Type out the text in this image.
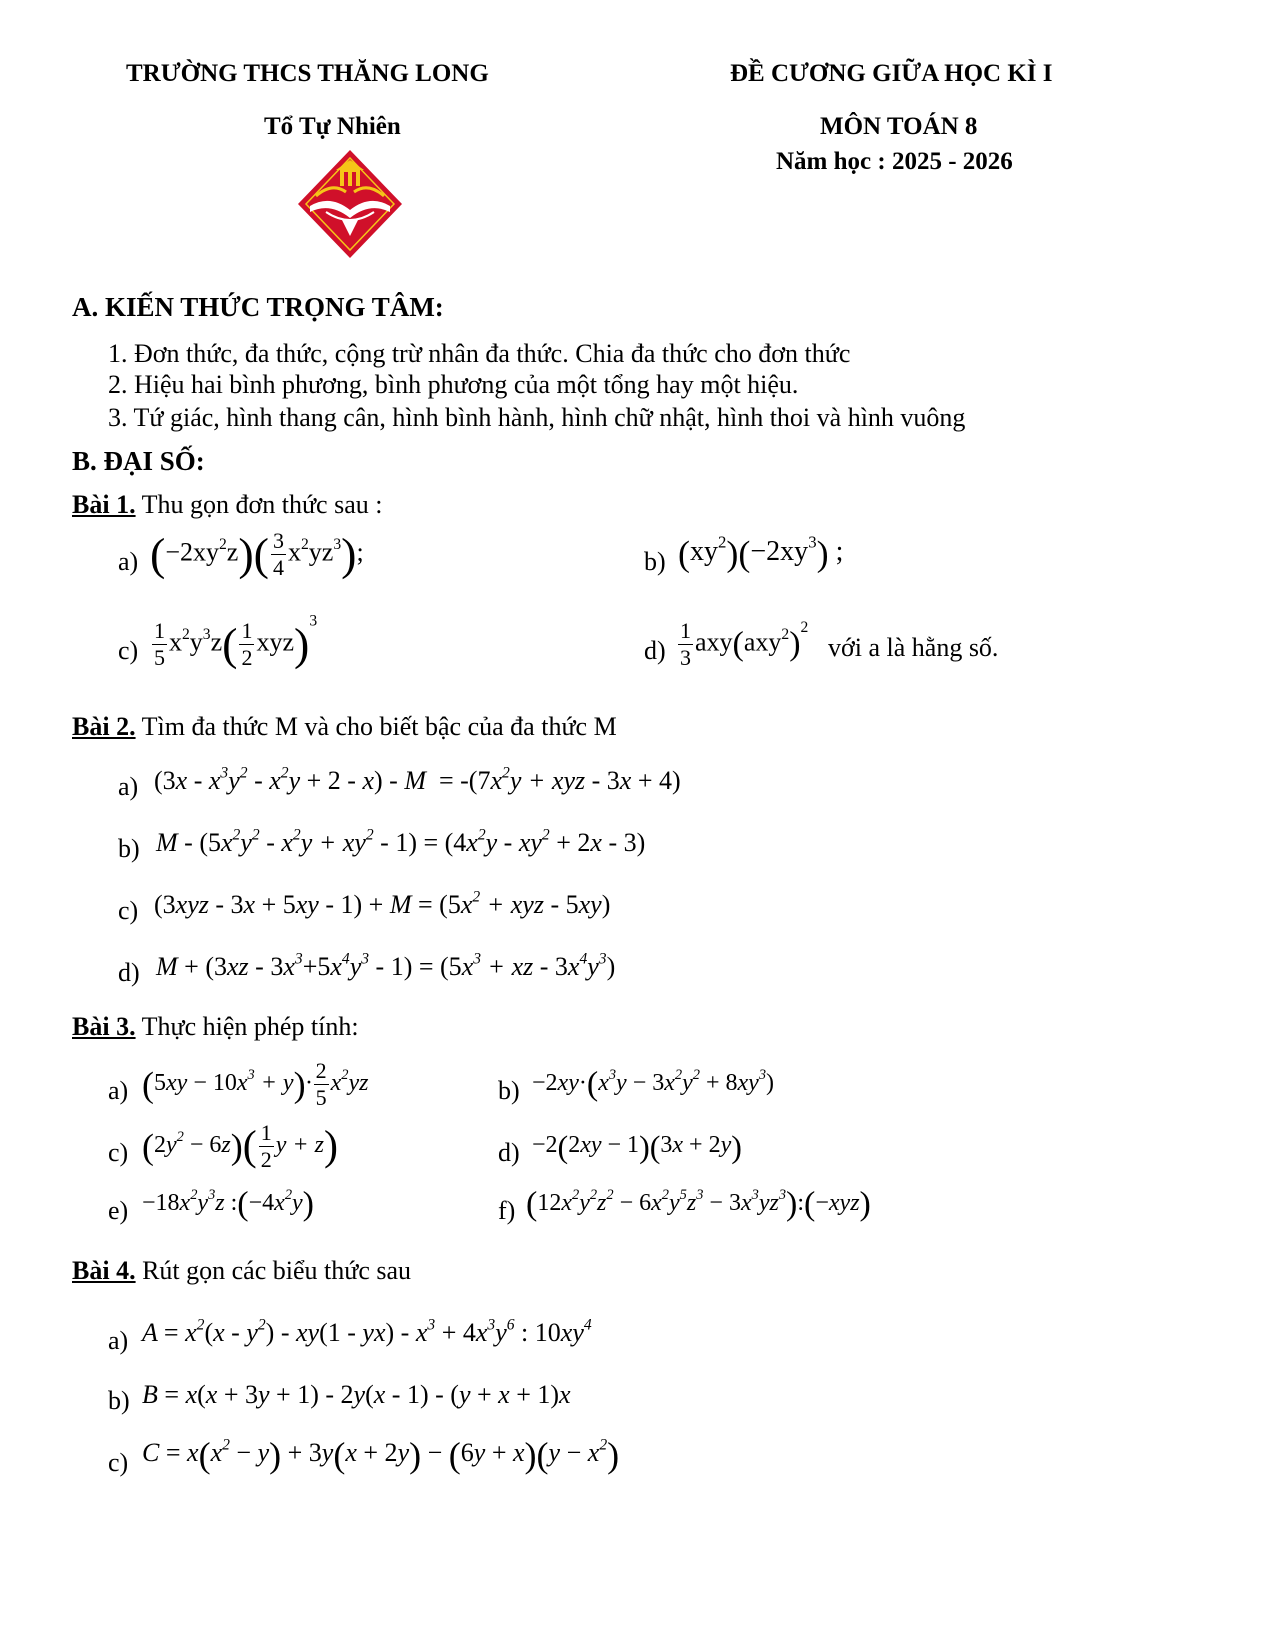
TRƯỜNG THCS THĂNG LONG
Tổ Tự Nhiên
ĐỀ CƯƠNG GIỮA HỌC KÌ I
MÔN TOÁN 8
Năm học : 2025 - 2026
A. KIẾN THỨC TRỌNG TÂM:
1. Đơn thức, đa thức, cộng trừ nhân đa thức. Chia đa thức cho đơn thức
2. Hiệu hai bình phương, bình phương của một tổng hay một hiệu.
3. Tứ giác, hình thang cân, hình bình hành, hình chữ nhật, hình thoi và hình vuông
B. ĐẠI SỐ:
Bài 1. Thu gọn đơn thức sau :
a) $(-2xy^2z)( \frac{3}{4} x^2yz^3)$;	b) $(xy^2)(-2xy^3)$ ;
$c) \frac{1}{5} x^2y^3z( \frac{1}{2} xyz)^3$
$d) \frac{1}{3} axy(axy^2)^2$
với a là hằng số.
Bài 2. Tìm đa thức M và cho biết bậc của đa thức M
a) $(3x - x^3y^2 - x^2y + 2 - x) - M = -(7x^2y$ + xyz - 3x + 4)
b) $M - (5x^2y^2 - x^2y + xy^2 - 1) = (4x^2y - xy^2 + 2x - 3)$
c) $(3xyz - 3x + 5xy - 1) + M = (5x^2$ + xyz - 5xy)
d) $M + (3xz - 3x^3+5x^4y^3 - 1) = (5x^3$ + xz - $3x^4y^3$)
Bài 3. Thực hiện phép tính:
a) $(5xy - 10x^3 + y)\cdot \frac{2}{5} x^2yz$	$b) -2xy\cdot(x^3y - 3x^2y^2 + 8xy^3)$
c) $(2y^2 - 6z)( \frac{1}{2}$ y + z)	d) −2(2xy − 1)(3x + 2y)
$e) -18x^2y^3z$ $:(-4x^2y)$	f) ($12x^2y^2z^2 - 6x^2y^5z^3$ − $3x^3yz^3):(-xyz)$
Bài 4. Rút gọn các biểu thức sau
a) $A = x^2(x - y^2) - xy(1 - yx) - x^3 + 4x^3y^6$ : $10xy^4$
b) B = x(x + 3y + 1) - 2y(x - 1) - (y + x + 1)x
c) $C = x(x^2 - y) + 3y(x + 2y) - (6y + x)(y - x^2)$
